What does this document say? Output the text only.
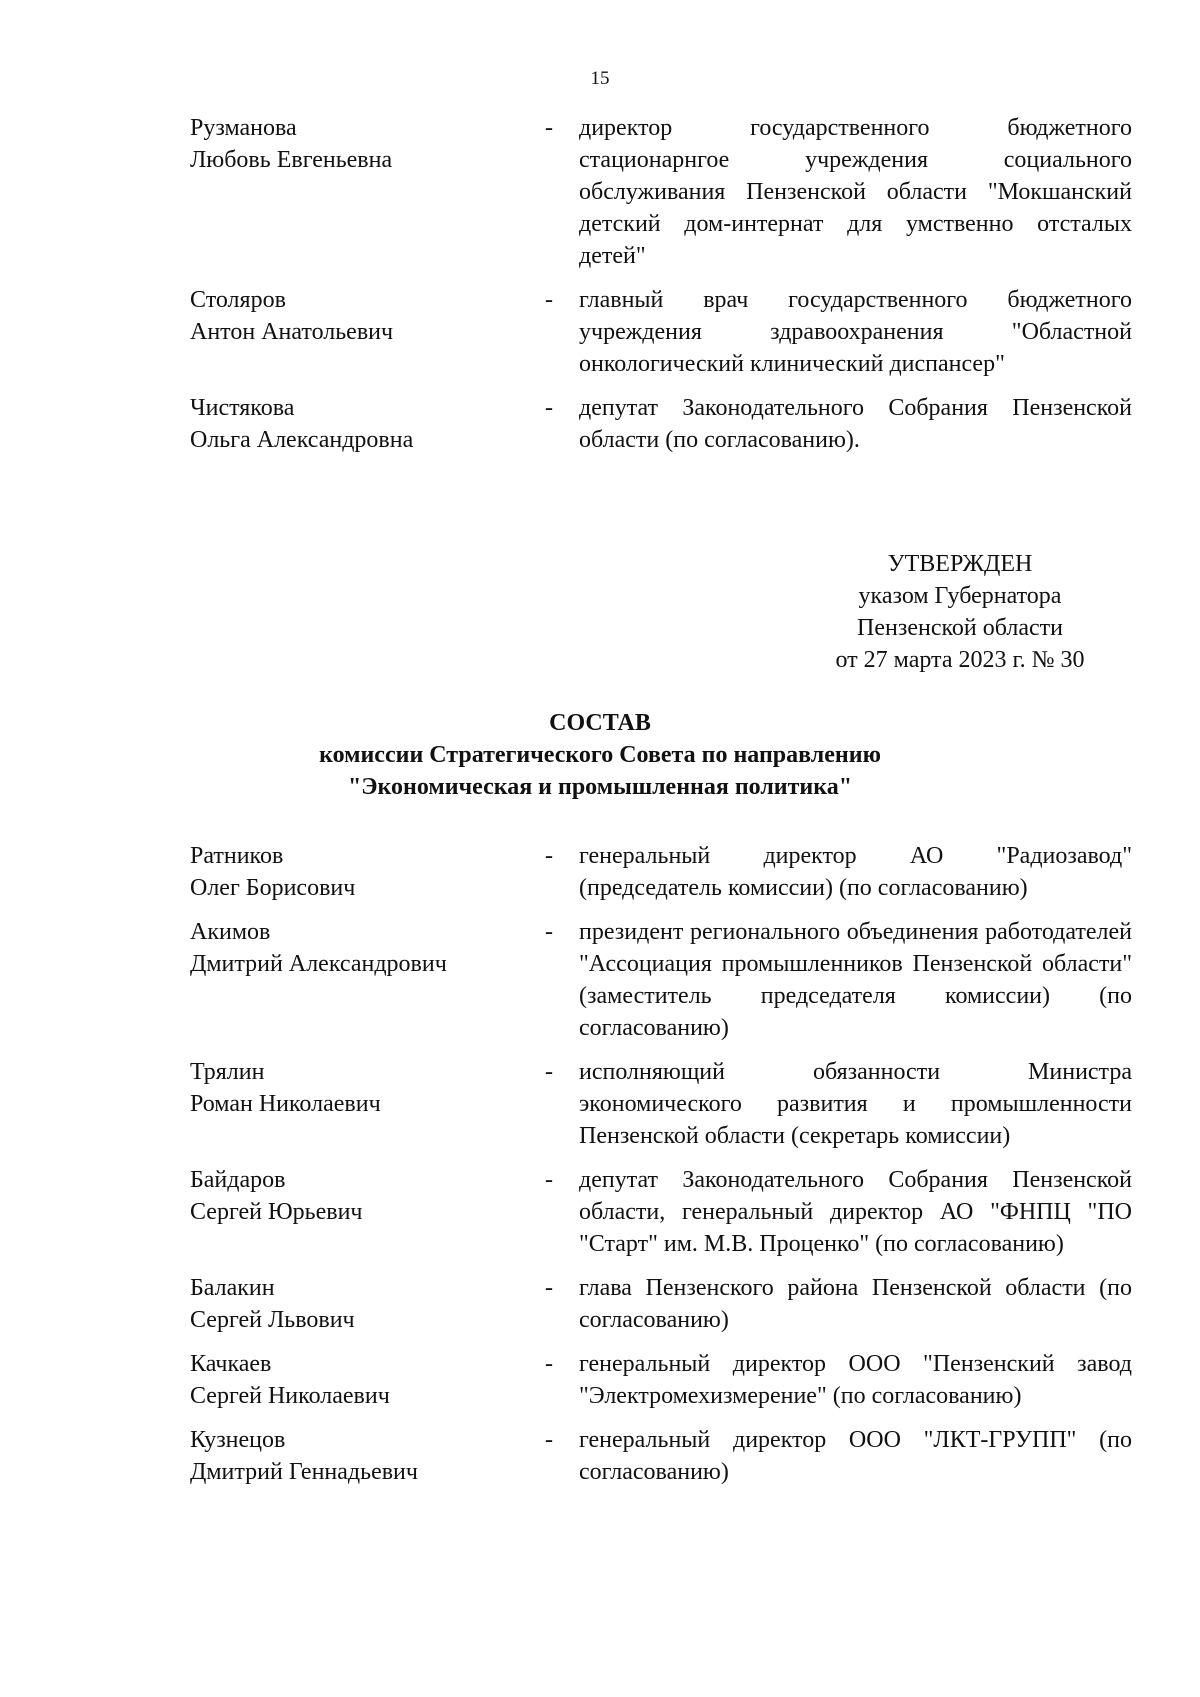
15
Рузманова
Любовь Евгеньевна
-	директор государственного бюджетного стационарнгое учреждения социального обслуживания Пензенской области "Мокшанский детский дом-интернат для умственно отсталых детей"
Столяров
Антон Анатольевич
-	главный врач государственного бюджетного учреждения здравоохранения "Областной онкологический клинический диспансер"
Чистякова
Ольга Александровна
-	депутат Законодательного Собрания Пензенской области (по согласованию).
УТВЕРЖДЕН
указом Губернатора
Пензенской области
от 27 марта 2023 г. № 30
СОСТАВ
комиссии Стратегического Совета по направлению
"Экономическая и промышленная политика"
Ратников
Олег Борисович
-	генеральный директор АО "Радиозавод" (председатель комиссии) (по согласованию)
Акимов
Дмитрий Александрович
-	президент регионального объединения работодателей "Ассоциация промышленников Пензенской области" (заместитель председателя комиссии) (по согласованию)
Трялин
Роман Николаевич
-	исполняющий обязанности Министра экономического развития и промышленности Пензенской области (секретарь комиссии)
Байдаров
Сергей Юрьевич
-	депутат Законодательного Собрания Пензенской области, генеральный директор АО "ФНПЦ "ПО "Старт" им. М.В. Проценко" (по согласованию)
Балакин
Сергей Львович
-	глава Пензенского района Пензенской области (по согласованию)
Качкаев
Сергей Николаевич
-	генеральный директор ООО "Пензенский завод "Электромехизмерение" (по согласованию)
Кузнецов
Дмитрий Геннадьевич
-	генеральный директор ООО "ЛКТ-ГРУПП" (по согласованию)
